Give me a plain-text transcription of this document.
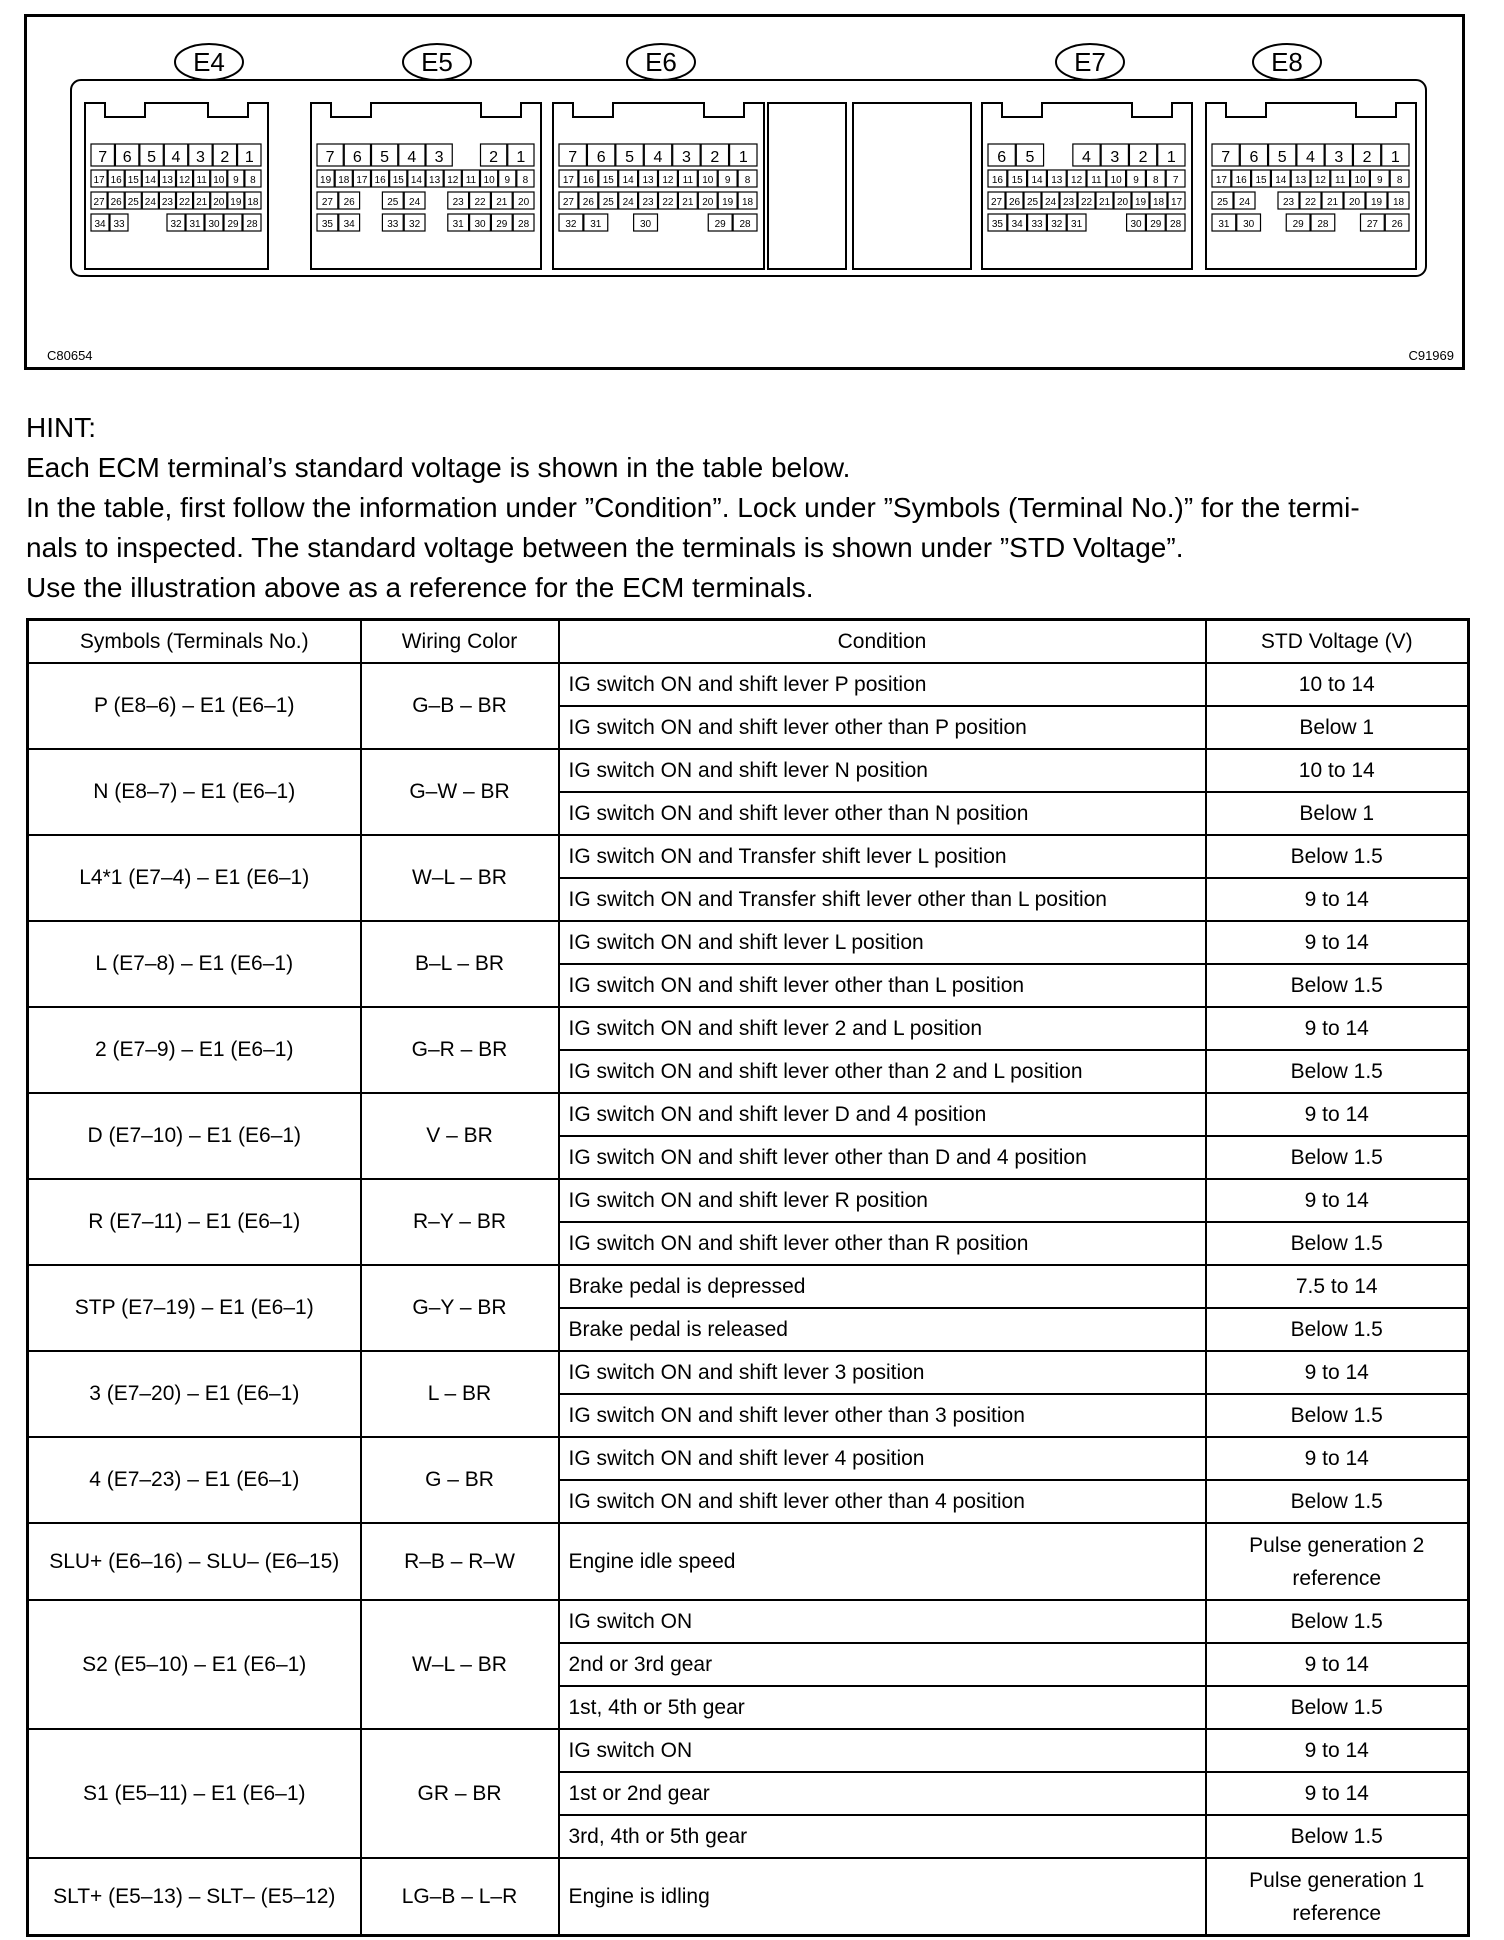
E4
7 6 5 4 3 2 1
17 16 15 14 13 12 11 10 9 8
27 26 25 24 23 22 21 20 19 18
34 33	32 31 30 29 28
E5
7 6 5 4 3	2 1
19 18 17 16 15 14 13 12 11 10 9 8
27 26	25 24	23 22 21 20
35 34	33 32	31 30 29 28
E6
7 6 5 4 3 2 1
17 16 15 14 13 12 11 10 9 8
27 26 25 24 23 22 21 20 19 18
32 31	30	29 28
E7
6 5	4 3 2 1
16 15 14 13 12 11 10 9 8 7
27 26 25 24 23 22 21 20 19 18 17
35 34 33 32 31	30 29 28
E8
7 6 5 4 3 2 1
17 16 15 14 13 12 11 10 9 8
25 24	23 22 21 20 19 18
31 30	29 28	27 26
C80654	C91969

HINT:

Each ECM terminal’s standard voltage is shown in the table below.

In the table, first follow the information under ”Condition”. Lock under ”Symbols (Terminal No.)” for the termi-

nals to inspected. The standard voltage between the terminals is shown under ”STD Voltage”.

Use the illustration above as a reference for the ECM terminals.

Symbols (Terminals No.)	Wiring Color	Condition	STD Voltage (V)
P (E8–6) – E1 (E6–1)	G–B – BR	IG switch ON and shift lever P position	10 to 14
		IG switch ON and shift lever other than P position	Below 1
N (E8–7) – E1 (E6–1)	G–W – BR	IG switch ON and shift lever N position	10 to 14
		IG switch ON and shift lever other than N position	Below 1
L4*1 (E7–4) – E1 (E6–1)	W–L – BR	IG switch ON and Transfer shift lever L position	Below 1.5
		IG switch ON and Transfer shift lever other than L position	9 to 14
L (E7–8) – E1 (E6–1)	B–L – BR	IG switch ON and shift lever L position	9 to 14
		IG switch ON and shift lever other than L position	Below 1.5
2 (E7–9) – E1 (E6–1)	G–R – BR	IG switch ON and shift lever 2 and L position	9 to 14
		IG switch ON and shift lever other than 2 and L position	Below 1.5
D (E7–10) – E1 (E6–1)	V – BR	IG switch ON and shift lever D and 4 position	9 to 14
		IG switch ON and shift lever other than D and 4 position	Below 1.5
R (E7–11) – E1 (E6–1)	R–Y – BR	IG switch ON and shift lever R position	9 to 14
		IG switch ON and shift lever other than R position	Below 1.5
STP (E7–19) – E1 (E6–1)	G–Y – BR	Brake pedal is depressed	7.5 to 14
		Brake pedal is released	Below 1.5
3 (E7–20) – E1 (E6–1)	L – BR	IG switch ON and shift lever 3 position	9 to 14
		IG switch ON and shift lever other than 3 position	Below 1.5
4 (E7–23) – E1 (E6–1)	G – BR	IG switch ON and shift lever 4 position	9 to 14
		IG switch ON and shift lever other than 4 position	Below 1.5
SLU+ (E6–16) – SLU– (E6–15)	R–B – R–W	Engine idle speed	Pulse generation 2 reference
S2 (E5–10) – E1 (E6–1)	W–L – BR	IG switch ON	Below 1.5
		2nd or 3rd gear	9 to 14
		1st, 4th or 5th gear	Below 1.5
S1 (E5–11) – E1 (E6–1)	GR – BR	IG switch ON	9 to 14
		1st or 2nd gear	9 to 14
		3rd, 4th or 5th gear	Below 1.5
SLT+ (E5–13) – SLT– (E5–12)	LG–B – L–R	Engine is idling	Pulse generation 1 reference
